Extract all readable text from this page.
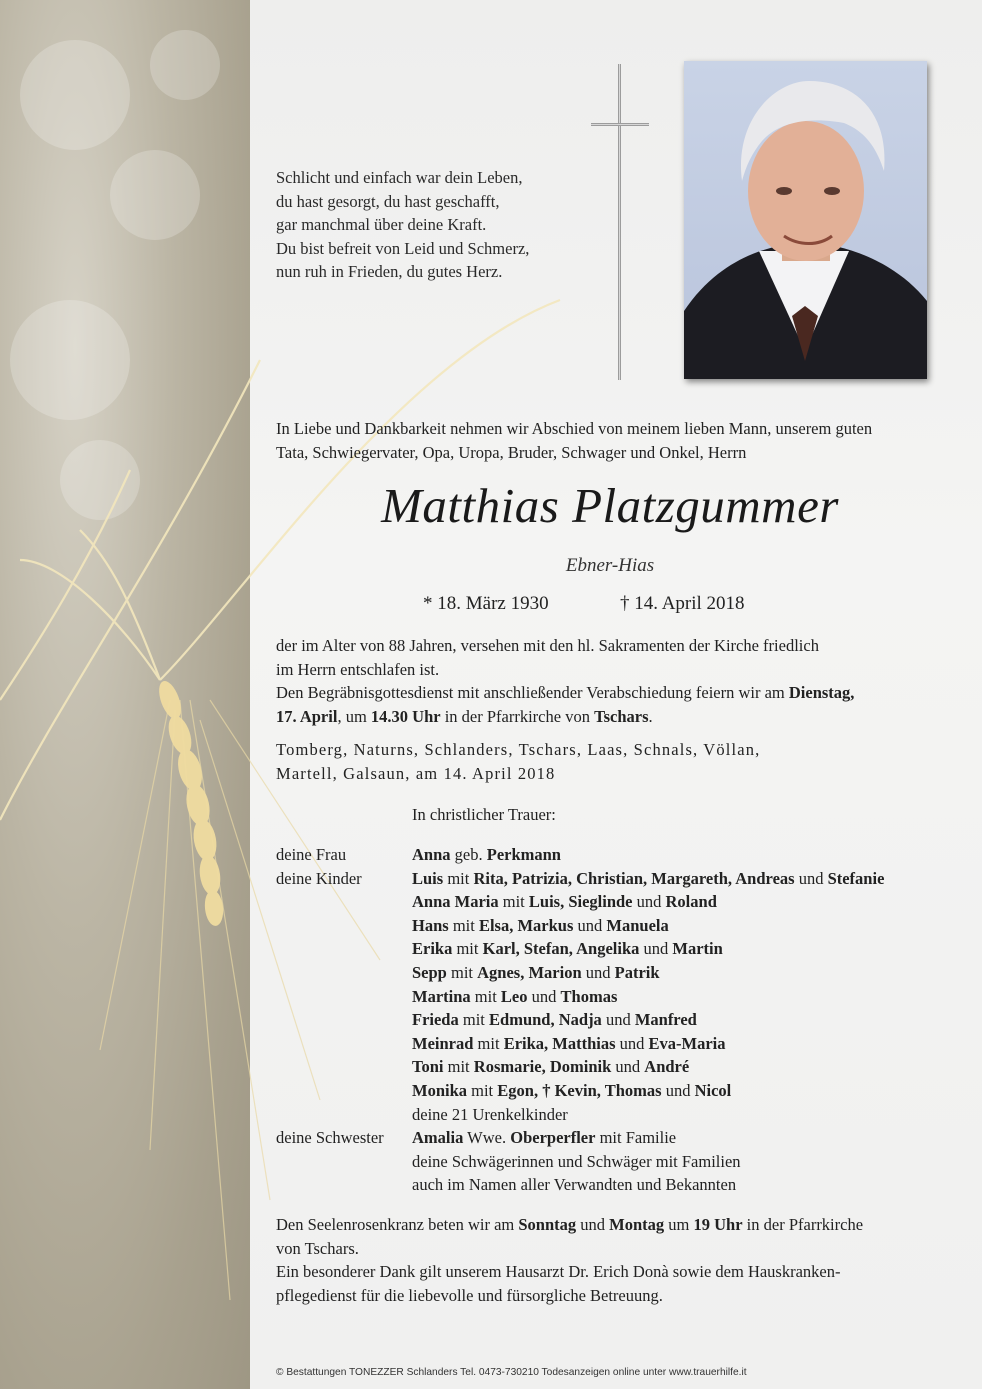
Schlicht und einfach war dein Leben,
du hast gesorgt, du hast geschafft,
gar manchmal über deine Kraft.
Du bist befreit von Leid und Schmerz,
nun ruh in Frieden, du gutes Herz.
In Liebe und Dankbarkeit nehmen wir Abschied von meinem lieben Mann, unserem guten
Tata, Schwiegervater, Opa, Uropa, Bruder, Schwager und Onkel, Herrn
Matthias Platzgummer
Ebner-Hias
* 18. März 1930	† 14. April 2018
der im Alter von 88 Jahren, versehen mit den hl. Sakramenten der Kirche friedlich
im Herrn entschlafen ist.
Den Begräbnisgottesdienst mit anschließender Verabschiedung feiern wir am Dienstag,
17. April, um 14.30 Uhr in der Pfarrkirche von Tschars.
Tomberg, Naturns, Schlanders, Tschars, Laas, Schnals, Völlan,
Martell, Galsaun, am 14. April 2018
In christlicher Trauer:
deine Frau	Anna geb. Perkmann
deine Kinder	Luis mit Rita, Patrizia, Christian, Margareth, Andreas und Stefanie
Anna Maria mit Luis, Sieglinde und Roland
Hans mit Elsa, Markus und Manuela
Erika mit Karl, Stefan, Angelika und Martin
Sepp mit Agnes, Marion und Patrik
Martina mit Leo und Thomas
Frieda mit Edmund, Nadja und Manfred
Meinrad mit Erika, Matthias und Eva-Maria
Toni mit Rosmarie, Dominik und André
Monika mit Egon, † Kevin, Thomas und Nicol
deine 21 Urenkelkinder
deine Schwester	Amalia Wwe. Oberperfler mit Familie
deine Schwägerinnen und Schwäger mit Familien
auch im Namen aller Verwandten und Bekannten
Den Seelenrosenkranz beten wir am Sonntag und Montag um 19 Uhr in der Pfarrkirche
von Tschars.
Ein besonderer Dank gilt unserem Hausarzt Dr. Erich Donà sowie dem Hauskranken-
pflegedienst für die liebevolle und fürsorgliche Betreuung.
© Bestattungen TONEZZER Schlanders Tel. 0473-730210 Todesanzeigen online unter www.trauerhilfe.it
